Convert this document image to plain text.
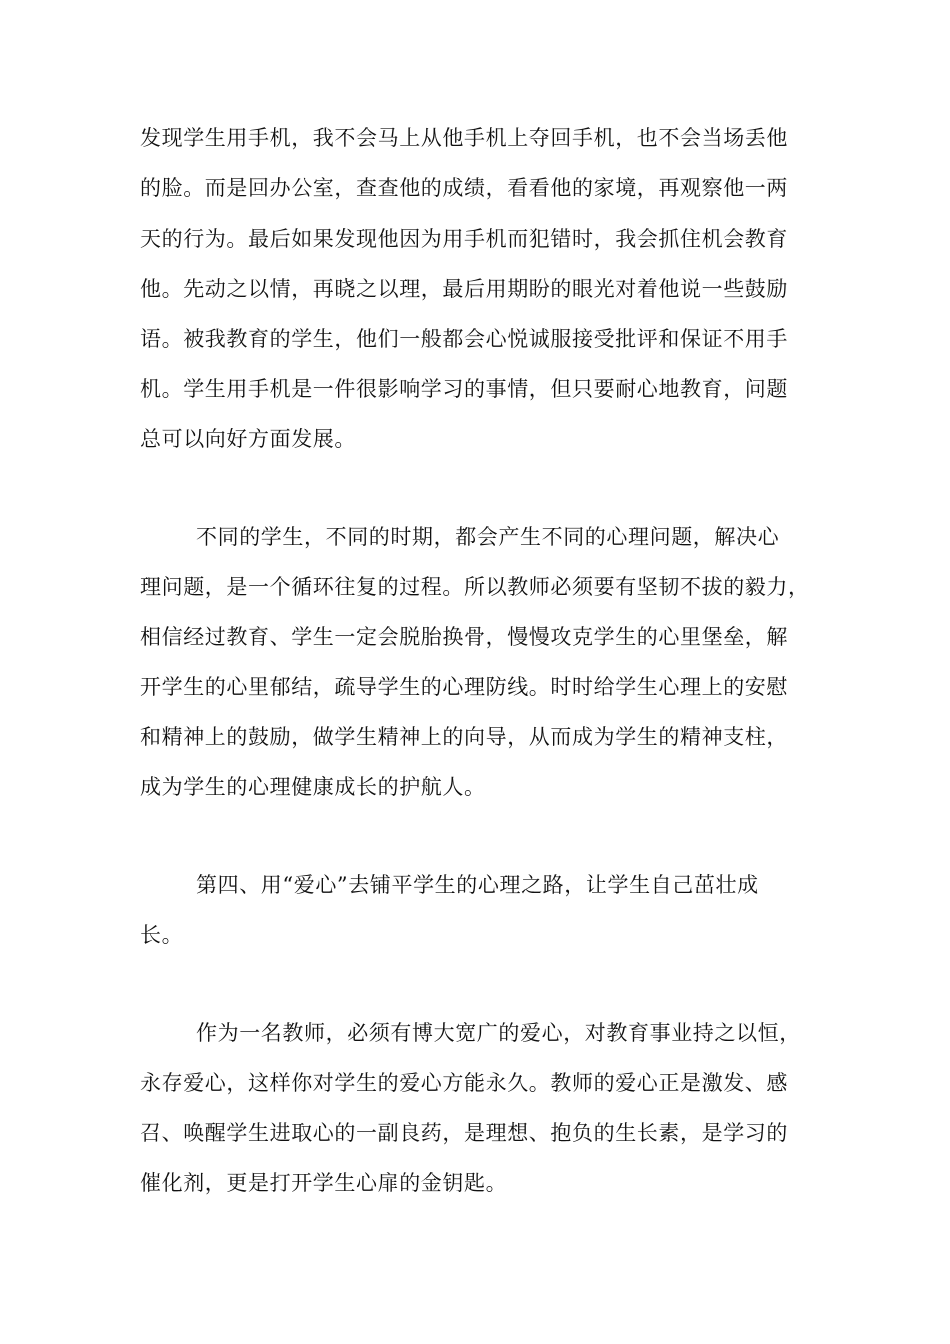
发现学生用手机，我不会马上从他手机上夺回手机，也不会当场丢他
的脸。而是回办公室，查查他的成绩，看看他的家境，再观察他一两
天的行为。最后如果发现他因为用手机而犯错时，我会抓住机会教育
他。先动之以情，再晓之以理，最后用期盼的眼光对着他说一些鼓励
语。被我教育的学生，他们一般都会心悦诚服接受批评和保证不用手
机。学生用手机是一件很影响学习的事情，但只要耐心地教育，问题
总可以向好方面发展。
不同的学生，不同的时期，都会产生不同的心理问题，解决心
理问题，是一个循环往复的过程。所以教师必须要有坚韧不拔的毅力，
相信经过教育、学生一定会脱胎换骨，慢慢攻克学生的心里堡垒，解
开学生的心里郁结，疏导学生的心理防线。时时给学生心理上的安慰
和精神上的鼓励，做学生精神上的向导，从而成为学生的精神支柱，
成为学生的心理健康成长的护航人。
第四、用“爱心”去铺平学生的心理之路，让学生自己茁壮成
长。
作为一名教师，必须有博大宽广的爱心，对教育事业持之以恒，
永存爱心，这样你对学生的爱心方能永久。教师的爱心正是激发、感
召、唤醒学生进取心的一副良药，是理想、抱负的生长素，是学习的
催化剂，更是打开学生心扉的金钥匙。
